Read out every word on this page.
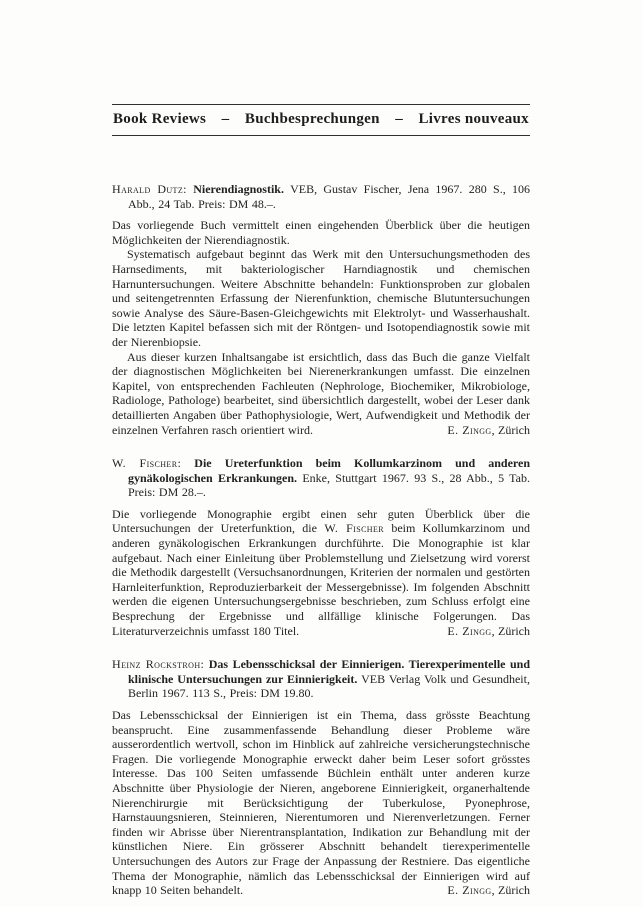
Book Reviews – Buchbesprechungen – Livres nouveaux

Harald Dutz: Nierendiagnostik. VEB, Gustav Fischer, Jena 1967. 280 S., 106 Abb., 24 Tab. Preis: DM 48.–.

Das vorliegende Buch vermittelt einen eingehenden Überblick über die heutigen Möglichkeiten der Nierendiagnostik.

Systematisch aufgebaut beginnt das Werk mit den Untersuchungsmethoden des Harnsediments, mit bakteriologischer Harndiagnostik und chemischen Harnuntersuchungen. Weitere Abschnitte behandeln: Funktionsproben zur globalen und seitengetrennten Erfassung der Nierenfunktion, chemische Blutuntersuchungen sowie Analyse des Säure-Basen-Gleichgewichts mit Elektrolyt- und Wasserhaushalt. Die letzten Kapitel befassen sich mit der Röntgen- und Isotopendiagnostik sowie mit der Nierenbiopsie.

Aus dieser kurzen Inhaltsangabe ist ersichtlich, dass das Buch die ganze Vielfalt der diagnostischen Möglichkeiten bei Nierenerkrankungen umfasst. Die einzelnen Kapitel, von entsprechenden Fachleuten (Nephrologe, Biochemiker, Mikrobiologe, Radiologe, Pathologe) bearbeitet, sind übersichtlich dargestellt, wobei der Leser dank detaillierten Angaben über Pathophysiologie, Wert, Aufwendigkeit und Methodik der einzelnen Verfahren rasch orientiert wird.	E. Zingg, Zürich

W. Fischer: Die Ureterfunktion beim Kollumkarzinom und anderen gynäkologischen Erkrankungen. Enke, Stuttgart 1967. 93 S., 28 Abb., 5 Tab. Preis: DM 28.–.

Die vorliegende Monographie ergibt einen sehr guten Überblick über die Untersuchungen der Ureterfunktion, die W. Fischer beim Kollumkarzinom und anderen gynäkologischen Erkrankungen durchführte. Die Monographie ist klar aufgebaut. Nach einer Einleitung über Problemstellung und Zielsetzung wird vorerst die Methodik dargestellt (Versuchsanordnungen, Kriterien der normalen und gestörten Harnleiterfunktion, Reproduzierbarkeit der Messergebnisse). Im folgenden Abschnitt werden die eigenen Untersuchungsergebnisse beschrieben, zum Schluss erfolgt eine Besprechung der Ergebnisse und allfällige klinische Folgerungen. Das Literaturverzeichnis umfasst 180 Titel.	E. Zingg, Zürich

Heinz Rockstroh: Das Lebensschicksal der Einnierigen. Tierexperimentelle und klinische Untersuchungen zur Einnierigkeit. VEB Verlag Volk und Gesundheit, Berlin 1967. 113 S., Preis: DM 19.80.

Das Lebensschicksal der Einnierigen ist ein Thema, dass grösste Beachtung beansprucht. Eine zusammenfassende Behandlung dieser Probleme wäre ausserordentlich wertvoll, schon im Hinblick auf zahlreiche versicherungstechnische Fragen. Die vorliegende Monographie erweckt daher beim Leser sofort grösstes Interesse. Das 100 Seiten umfassende Büchlein enthält unter anderen kurze Abschnitte über Physiologie der Nieren, angeborene Einnierigkeit, organerhaltende Nierenchirurgie mit Berücksichtigung der Tuberkulose, Pyonephrose, Harnstauungsnieren, Steinnieren, Nierentumoren und Nierenverletzungen. Ferner finden wir Abrisse über Nierentransplantation, Indikation zur Behandlung mit der künstlichen Niere. Ein grösserer Abschnitt behandelt tierexperimentelle Untersuchungen des Autors zur Frage der Anpassung der Restniere. Das eigentliche Thema der Monographie, nämlich das Lebensschicksal der Einnierigen wird auf knapp 10 Seiten behandelt.	E. Zingg, Zürich
